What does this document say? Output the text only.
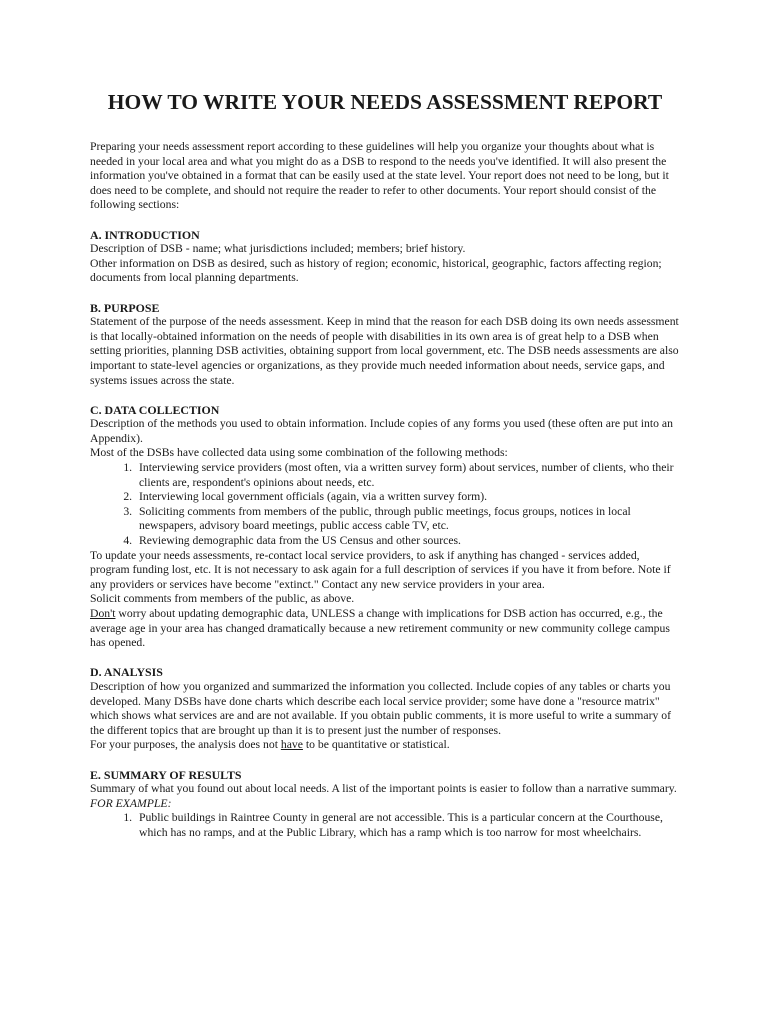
HOW TO WRITE YOUR NEEDS ASSESSMENT REPORT

Preparing your needs assessment report according to these guidelines will help you organize your thoughts about what is needed in your local area and what you might do as a DSB to respond to the needs you've identified. It will also present the information you've obtained in a format that can be easily used at the state level. Your report does not need to be long, but it does need to be complete, and should not require the reader to refer to other documents. Your report should consist of the following sections:

A. INTRODUCTION

Description of DSB - name; what jurisdictions included; members; brief history.

Other information on DSB as desired, such as history of region; economic, historical, geographic, factors affecting region; documents from local planning departments.

B. PURPOSE

Statement of the purpose of the needs assessment. Keep in mind that the reason for each DSB doing its own needs assessment is that locally-obtained information on the needs of people with disabilities in its own area is of great help to a DSB when setting priorities, planning DSB activities, obtaining support from local government, etc. The DSB needs assessments are also important to state-level agencies or organizations, as they provide much needed information about needs, service gaps, and systems issues across the state.

C. DATA COLLECTION

Description of the methods you used to obtain information. Include copies of any forms you used (these often are put into an Appendix).

Most of the DSBs have collected data using some combination of the following methods:

1. Interviewing service providers (most often, via a written survey form) about services, number of clients, who their clients are, respondent's opinions about needs, etc.
2. Interviewing local government officials (again, via a written survey form).
3. Soliciting comments from members of the public, through public meetings, focus groups, notices in local newspapers, advisory board meetings, public access cable TV, etc.
4. Reviewing demographic data from the US Census and other sources.

To update your needs assessments, re-contact local service providers, to ask if anything has changed - services added, program funding lost, etc. It is not necessary to ask again for a full description of services if you have it from before. Note if any providers or services have become "extinct." Contact any new service providers in your area.

Solicit comments from members of the public, as above.

Don't worry about updating demographic data, UNLESS a change with implications for DSB action has occurred, e.g., the average age in your area has changed dramatically because a new retirement community or new community college campus has opened.

D. ANALYSIS

Description of how you organized and summarized the information you collected. Include copies of any tables or charts you developed. Many DSBs have done charts which describe each local service provider; some have done a "resource matrix" which shows what services are and are not available. If you obtain public comments, it is more useful to write a summary of the different topics that are brought up than it is to present just the number of responses.

For your purposes, the analysis does not have to be quantitative or statistical.

E. SUMMARY OF RESULTS

Summary of what you found out about local needs. A list of the important points is easier to follow than a narrative summary.

FOR EXAMPLE:

1. Public buildings in Raintree County in general are not accessible. This is a particular concern at the Courthouse, which has no ramps, and at the Public Library, which has a ramp which is too narrow for most wheelchairs.
